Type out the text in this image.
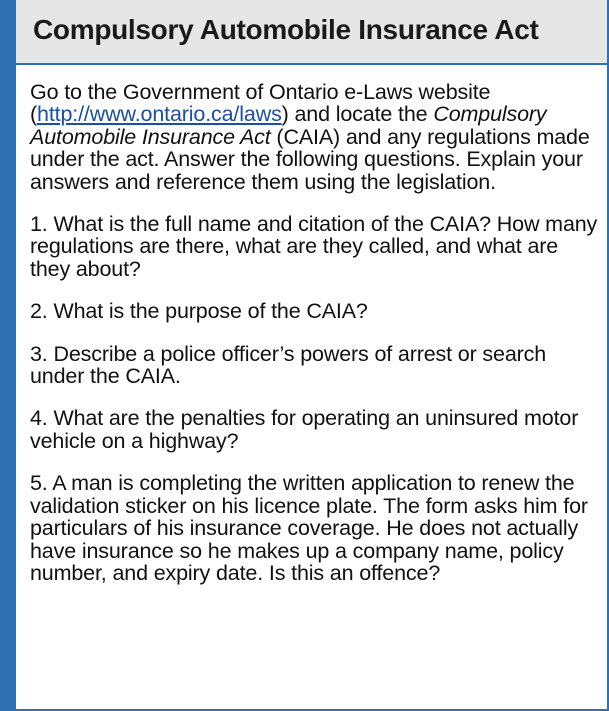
Compulsory Automobile Insurance Act

Go to the Government of Ontario e-Laws website (http://www.ontario.ca/laws) and locate the Compulsory Automobile Insurance Act (CAIA) and any regulations made under the act. Answer the following questions. Explain your answers and reference them using the legislation.

1. What is the full name and citation of the CAIA? How many regulations are there, what are they called, and what are they about?

2. What is the purpose of the CAIA?

3. Describe a police officer’s powers of arrest or search under the CAIA.

4. What are the penalties for operating an uninsured motor vehicle on a highway?

5. A man is completing the written application to renew the validation sticker on his licence plate. The form asks him for particulars of his insurance coverage. He does not actually have insurance so he makes up a company name, policy number, and expiry date. Is this an offence?
